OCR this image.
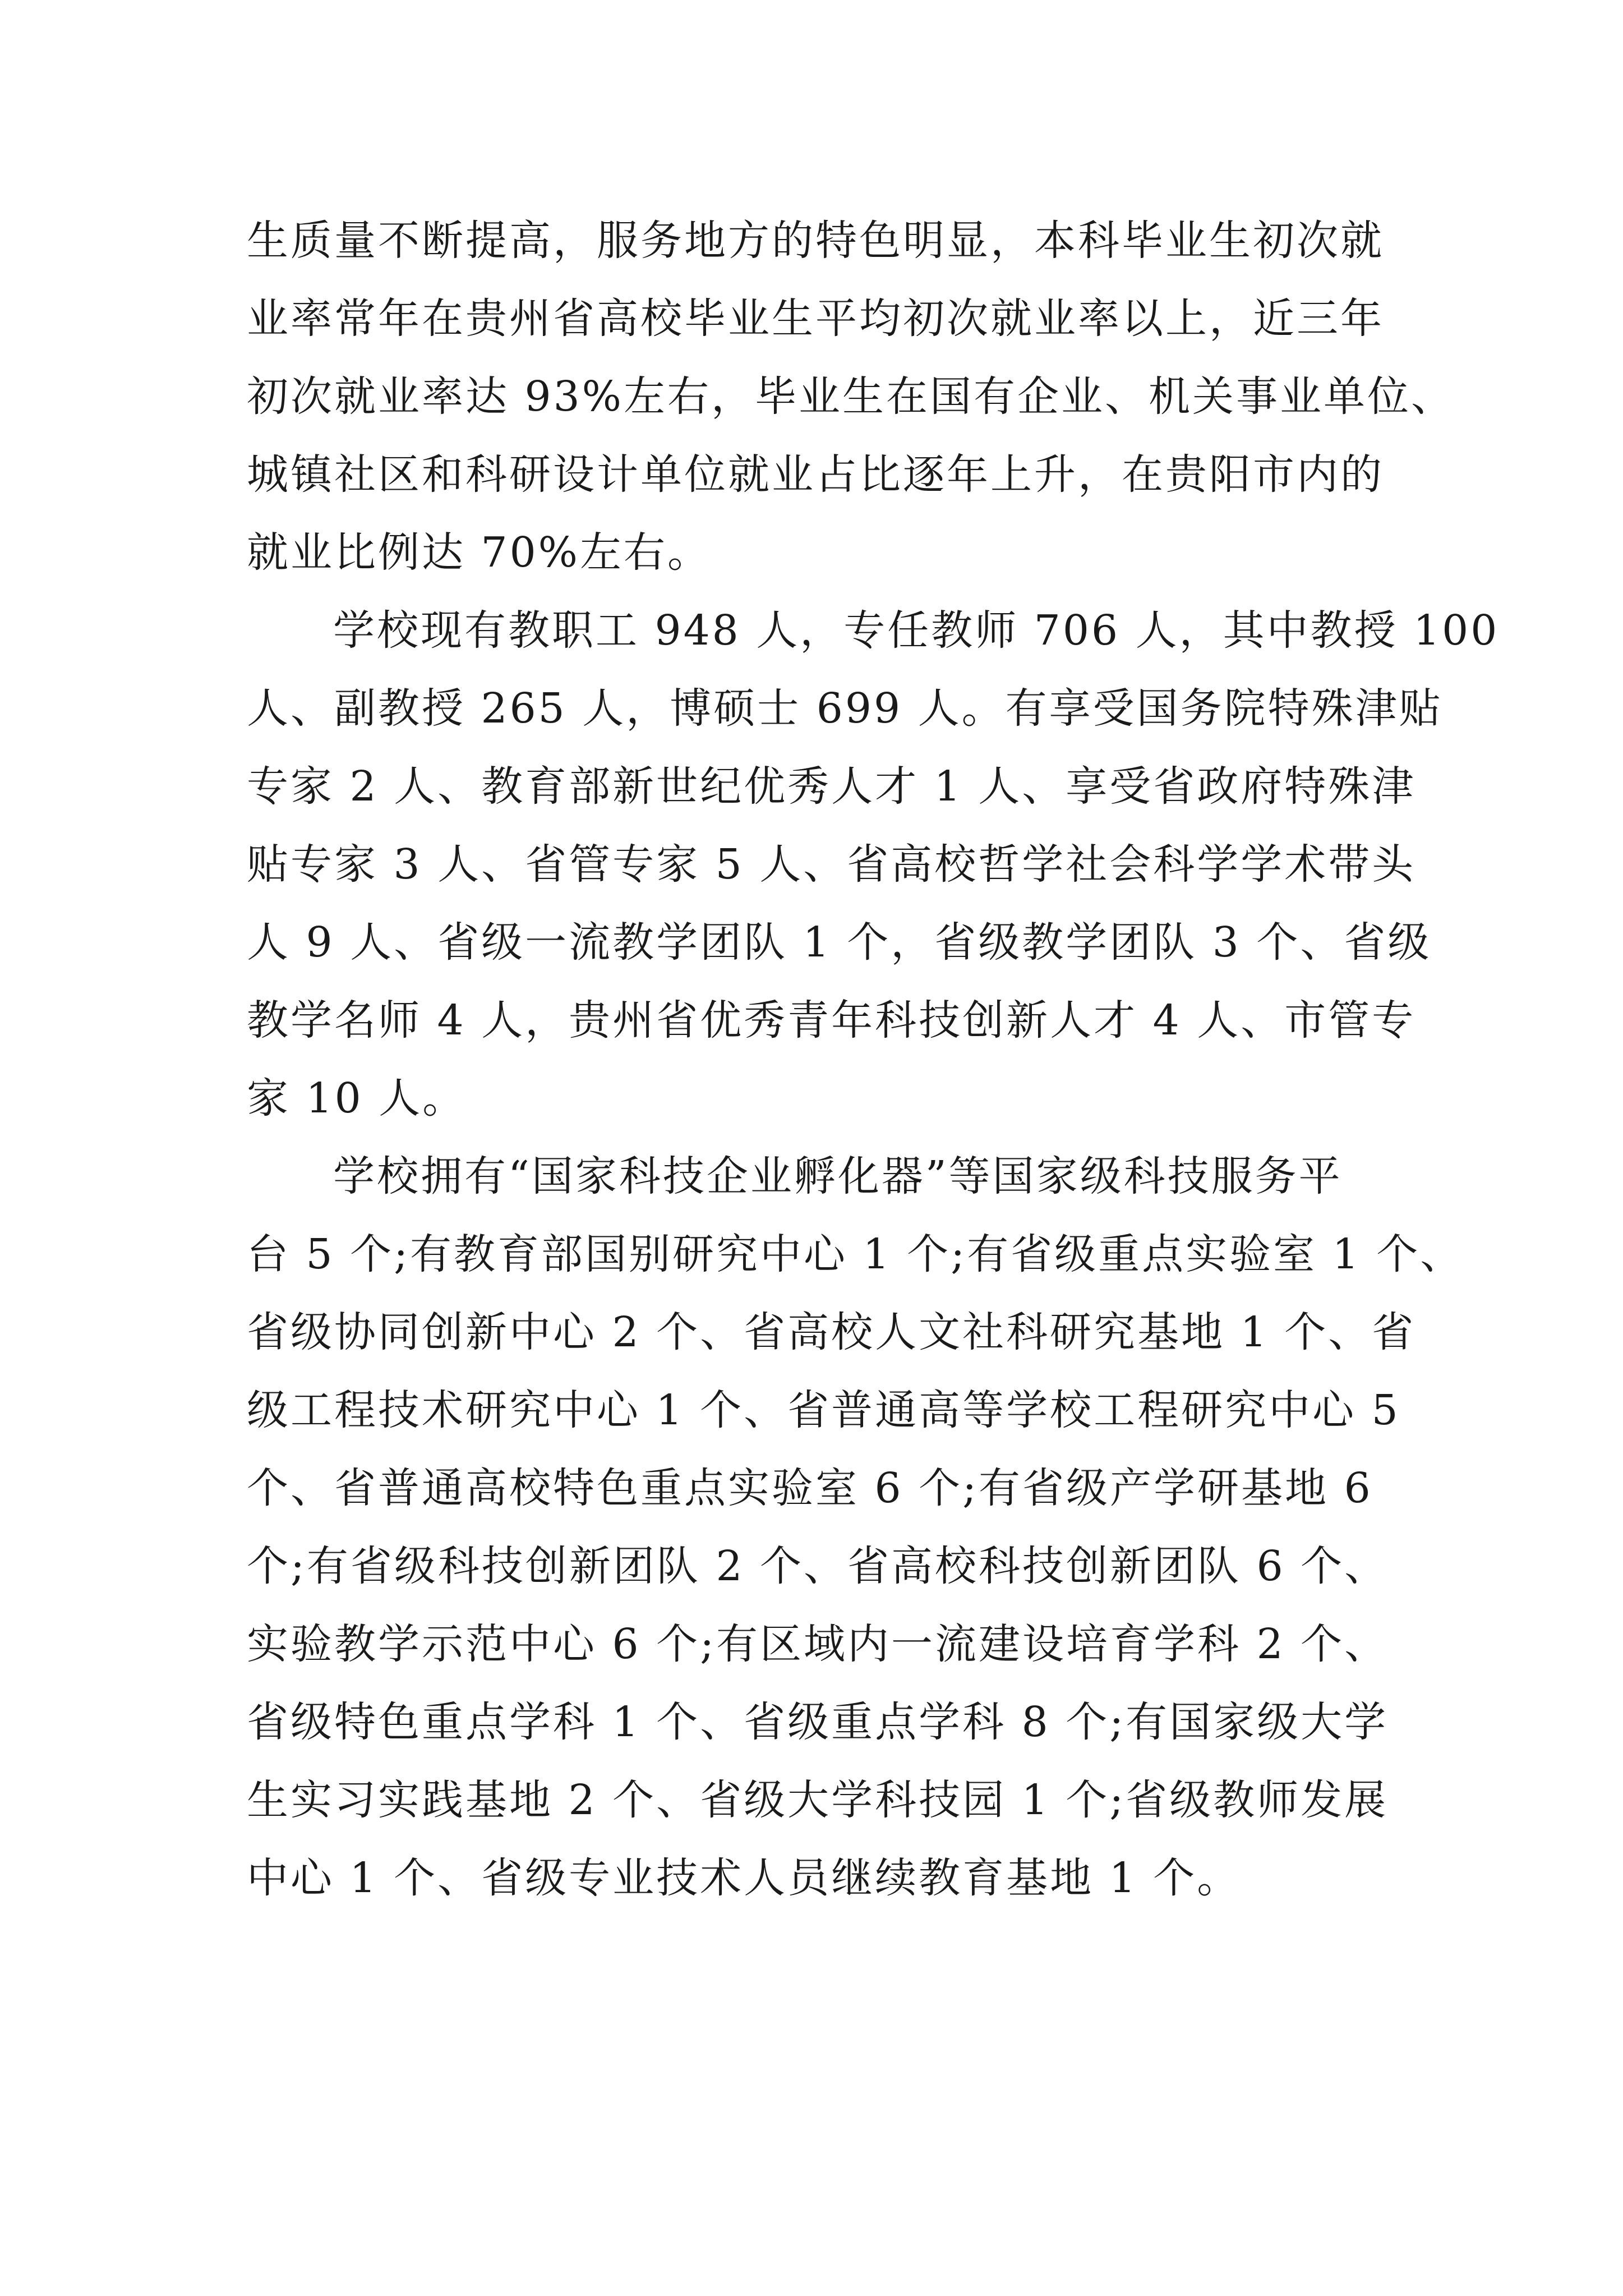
生质量不断提高，服务地方的特色明显，本科毕业生初次就
业率常年在贵州省高校毕业生平均初次就业率以上，近三年
初次就业率达 93%左右，毕业生在国有企业、机关事业单位、
城镇社区和科研设计单位就业占比逐年上升，在贵阳市内的
就业比例达 70%左右。
学校现有教职工 948 人，专任教师 706 人，其中教授 100
人、副教授 265 人，博硕士 699 人。有享受国务院特殊津贴
专家 2 人、教育部新世纪优秀人才 1 人、享受省政府特殊津
贴专家 3 人、省管专家 5 人、省高校哲学社会科学学术带头
人 9 人、省级一流教学团队 1 个，省级教学团队 3 个、省级
教学名师 4 人，贵州省优秀青年科技创新人才 4 人、市管专
家 10 人。
学校拥有“国家科技企业孵化器”等国家级科技服务平
台 5 个;有教育部国别研究中心 1 个;有省级重点实验室 1 个、
省级协同创新中心 2 个、省高校人文社科研究基地 1 个、省
级工程技术研究中心 1 个、省普通高等学校工程研究中心 5
个、省普通高校特色重点实验室 6 个;有省级产学研基地 6
个;有省级科技创新团队 2 个、省高校科技创新团队 6 个、
实验教学示范中心 6 个;有区域内一流建设培育学科 2 个、
省级特色重点学科 1 个、省级重点学科 8 个;有国家级大学
生实习实践基地 2 个、省级大学科技园 1 个;省级教师发展
中心 1 个、省级专业技术人员继续教育基地 1 个。
